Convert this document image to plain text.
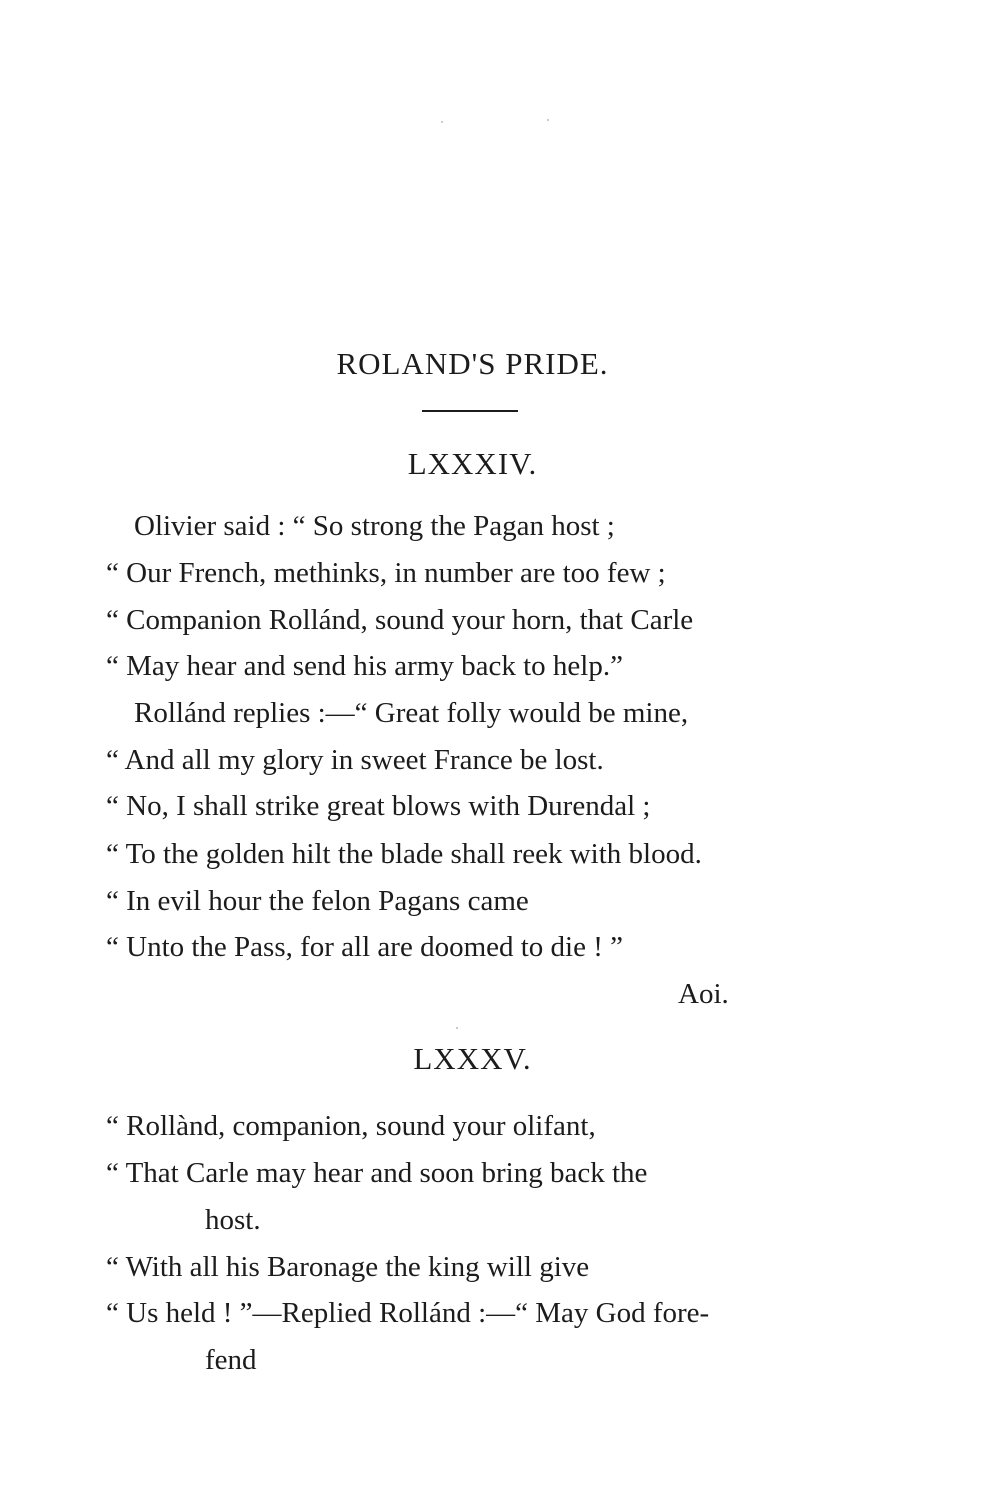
ROLAND'S PRIDE.
LXXXIV.
Olivier said : “ So strong the Pagan host ;
“ Our French, methinks, in number are too few ;
“ Companion Rollánd, sound your horn, that Carle
“ May hear and send his army back to help.”
Rollánd replies :—“ Great folly would be mine,
“ And all my glory in sweet France be lost.
“ No, I shall strike great blows with Durendal ;
“ To the golden hilt the blade shall reek with blood.
“ In evil hour the felon Pagans came
“ Unto the Pass, for all are doomed to die ! ”
Aoi.
LXXXV.
“ Rollànd, companion, sound your olifant,
“ That Carle may hear and soon bring back the
host.
“ With all his Baronage the king will give
“ Us held ! ”—Replied Rollánd :—“ May God fore-
fend
